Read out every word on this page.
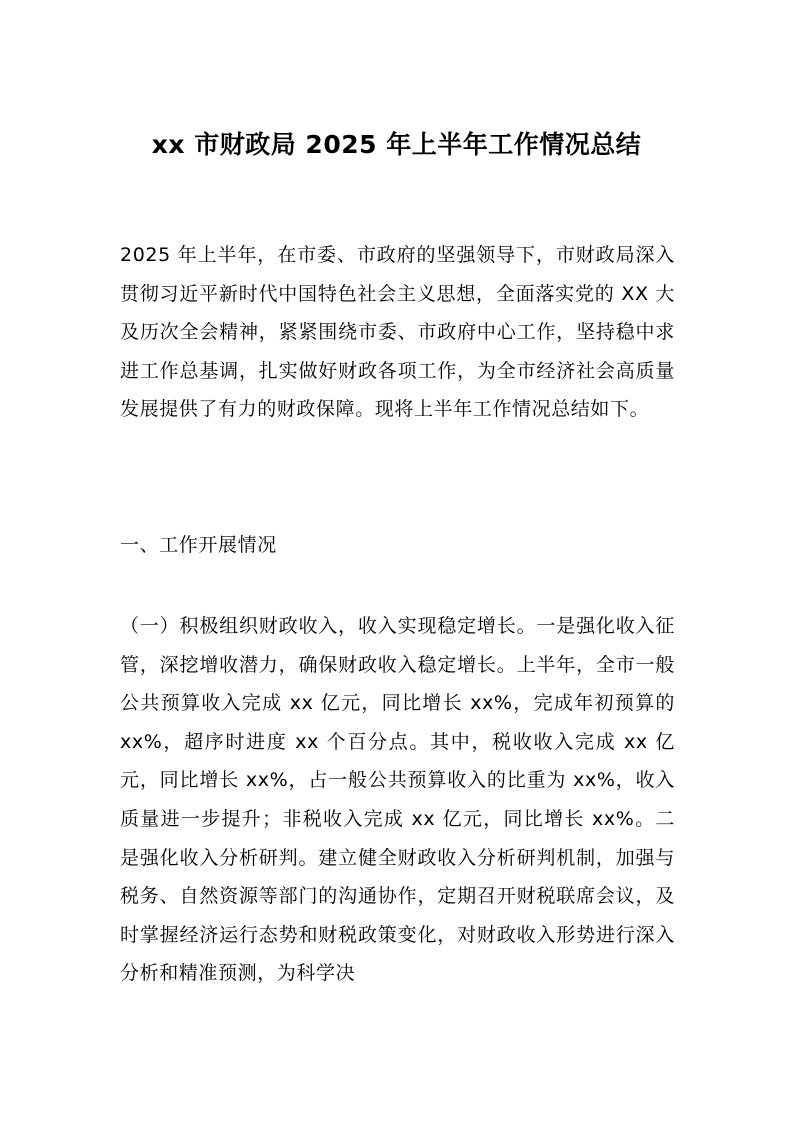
xx 市财政局 2025 年上半年工作情况总结

2025 年上半年，在市委、市政府的坚强领导下，市财政局深入贯彻习近平新时代中国特色社会主义思想，全面落实党的 XX 大及历次全会精神，紧紧围绕市委、市政府中心工作，坚持稳中求进工作总基调，扎实做好财政各项工作，为全市经济社会高质量发展提供了有力的财政保障。现将上半年工作情况总结如下。

一、工作开展情况

（一）积极组织财政收入，收入实现稳定增长。一是强化收入征管，深挖增收潜力，确保财政收入稳定增长。上半年，全市一般公共预算收入完成 xx 亿元，同比增长 xx%，完成年初预算的 xx%，超序时进度 xx 个百分点。其中，税收收入完成 xx 亿元，同比增长 xx%，占一般公共预算收入的比重为 xx%，收入质量进一步提升；非税收入完成 xx 亿元，同比增长 xx%。二是强化收入分析研判。建立健全财政收入分析研判机制，加强与税务、自然资源等部门的沟通协作，定期召开财税联席会议，及时掌握经济运行态势和财税政策变化，对财政收入形势进行深入分析和精准预测，为科学决
